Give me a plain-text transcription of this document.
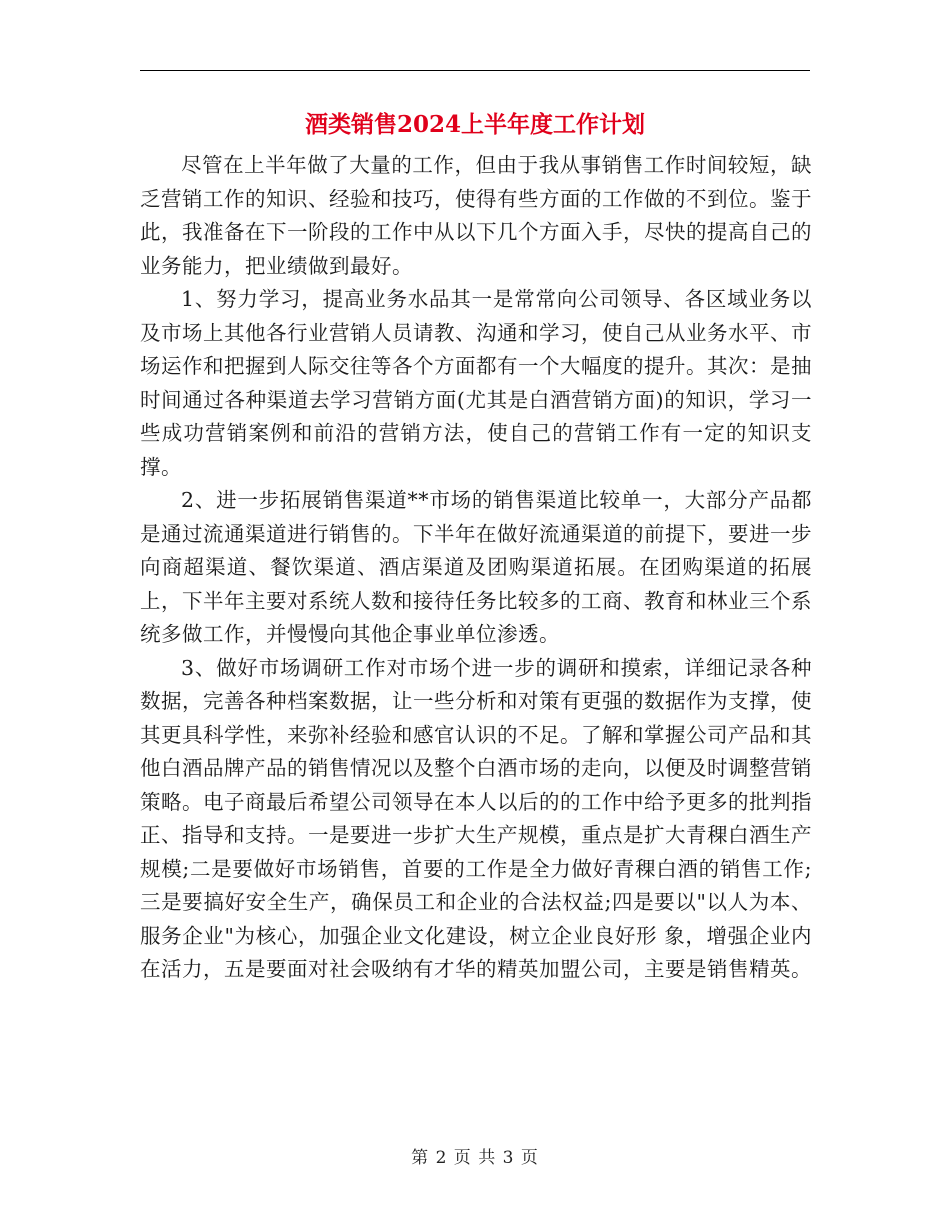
酒类销售2024上半年度工作计划

尽管在上半年做了大量的工作，但由于我从事销售工作时间较短，缺乏营销工作的知识、经验和技巧，使得有些方面的工作做的不到位。鉴于此，我准备在下一阶段的工作中从以下几个方面入手，尽快的提高自己的业务能力，把业绩做到最好。

1、努力学习，提高业务水品其一是常常向公司领导、各区域业务以及市场上其他各行业营销人员请教、沟通和学习，使自己从业务水平、市场运作和把握到人际交往等各个方面都有一个大幅度的提升。其次：是抽时间通过各种渠道去学习营销方面(尤其是白酒营销方面)的知识，学习一些成功营销案例和前沿的营销方法，使自己的营销工作有一定的知识支撑。

2、进一步拓展销售渠道**市场的销售渠道比较单一，大部分产品都是通过流通渠道进行销售的。下半年在做好流通渠道的前提下，要进一步向商超渠道、餐饮渠道、酒店渠道及团购渠道拓展。在团购渠道的拓展上，下半年主要对系统人数和接待任务比较多的工商、教育和林业三个系统多做工作，并慢慢向其他企事业单位渗透。

3、做好市场调研工作对市场个进一步的调研和摸索，详细记录各种数据，完善各种档案数据，让一些分析和对策有更强的数据作为支撑，使其更具科学性，来弥补经验和感官认识的不足。了解和掌握公司产品和其他白酒品牌产品的销售情况以及整个白酒市场的走向，以便及时调整营销策略。电子商最后希望公司领导在本人以后的的工作中给予更多的批判指正、指导和支持。一是要进一步扩大生产规模，重点是扩大青稞白酒生产规模;二是要做好市场销售，首要的工作是全力做好青稞白酒的销售工作;三是要搞好安全生产，确保员工和企业的合法权益;四是要以"以人为本、服务企业"为核心，加强企业文化建设，树立企业良好形 象，增强企业内在活力，五是要面对社会吸纳有才华的精英加盟公司，主要是销售精英。

第 2 页 共 3 页
